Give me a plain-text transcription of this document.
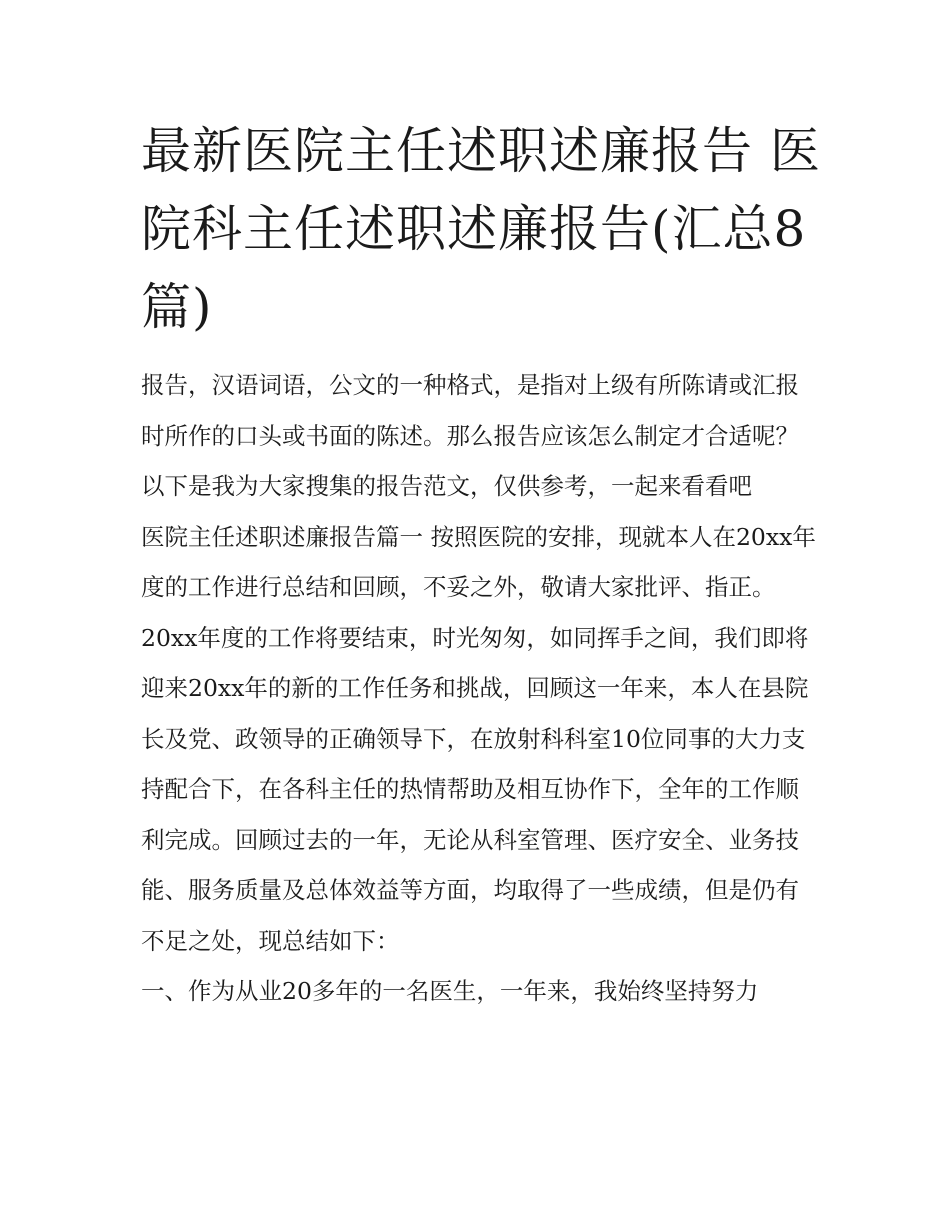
最新医院主任述职述廉报告 医院科主任述职述廉报告(汇总8篇)
报告，汉语词语，公文的一种格式，是指对上级有所陈请或汇报时所作的口头或书面的陈述。那么报告应该怎么制定才合适呢？以下是我为大家搜集的报告范文，仅供参考，一起来看看吧
医院主任述职述廉报告篇一 按照医院的安排，现就本人在20xx年度的工作进行总结和回顾，不妥之外，敬请大家批评、指正。
20xx年度的工作将要结束，时光匆匆，如同挥手之间，我们即将迎来20xx年的新的工作任务和挑战，回顾这一年来，本人在县院长及党、政领导的正确领导下，在放射科科室10位同事的大力支持配合下，在各科主任的热情帮助及相互协作下，全年的工作顺利完成。回顾过去的一年，无论从科室管理、医疗安全、业务技能、服务质量及总体效益等方面，均取得了一些成绩，但是仍有不足之处，现总结如下：
一、作为从业20多年的一名医生，一年来，我始终坚持努力
